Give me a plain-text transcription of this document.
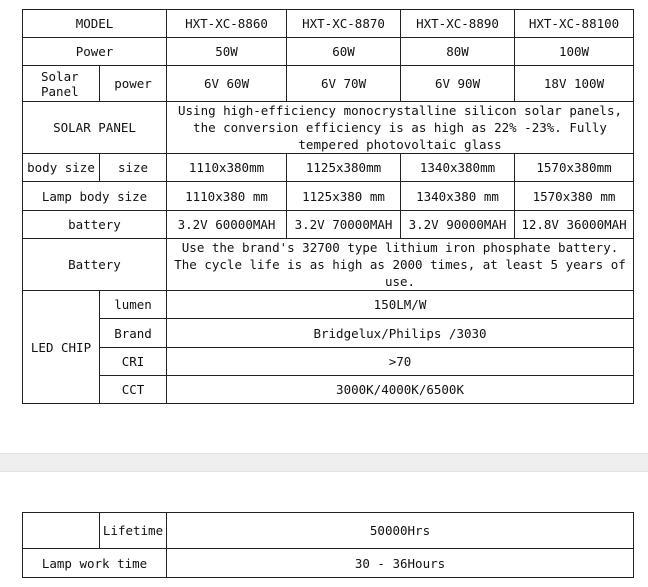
MODEL		HXT-XC-8860	HXT-XC-8870	HXT-XC-8890	HXT-XC-88100
Power		50W	60W	80W	100W

Solar
Panel	power	6V 60W	6V 70W	6V 90W	18V 100W
SOLAR PANEL		Using high-efficiency monocrystalline silicon solar panels, the conversion efficiency is as high as 22% -23%. Fully tempered photovoltaic glass			
body size	size	1110x380mm	1125x380mm	1340x380mm	1570x380mm
Lamp body size		1110x380 mm	1125x380 mm	1340x380 mm	1570x380 mm
battery		3.2V 60000MAH	3.2V 70000MAH	3.2V 90000MAH	12.8V 36000MAH
Battery		Use the brand's 32700 type lithium iron phosphate battery. The cycle life is as high as 2000 times, at least 5 years of use.			
LED CHIP	lumen	150LM/W			
	Brand	Bridgelux/Philips /3030			
	CRI	>70			
	CCT	3000K/4000K/6500K			
	Lifetime	50000Hrs
Lamp work time		30 - 36Hours
